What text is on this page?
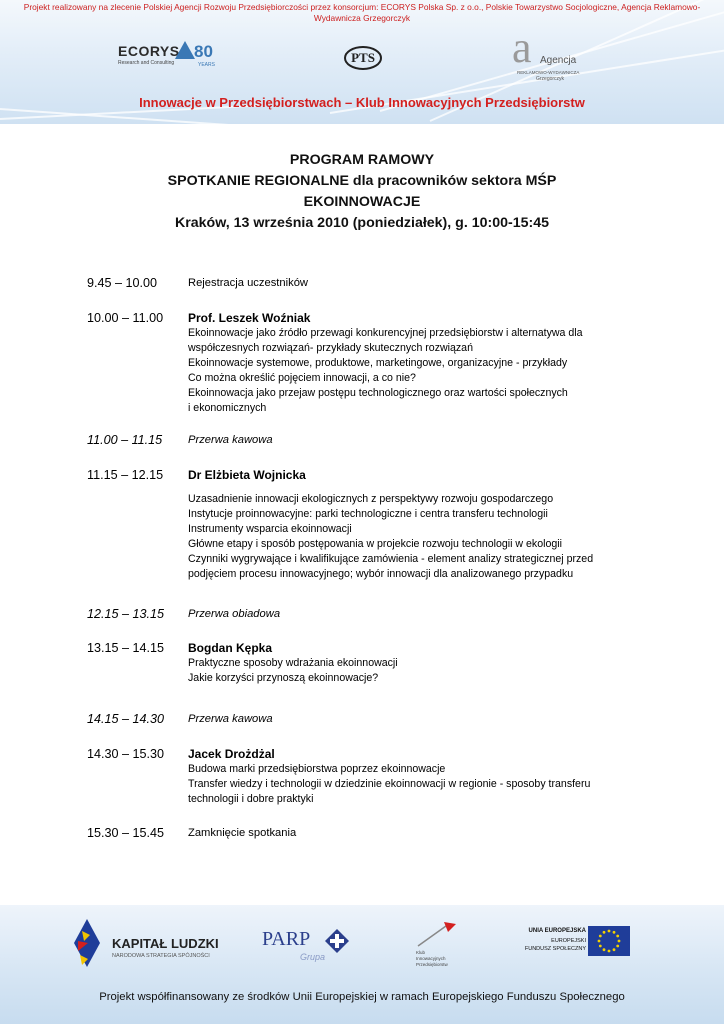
Projekt realizowany na zlecenie Polskiej Agencji Rozwoju Przedsiębiorczości przez konsorcjum: ECORYS Polska Sp. z o.o., Polskie Towarzystwo Socjologiczne, Agencja Reklamowo-Wydawnicza Grzegorczyk
ECORYS
Research and Consulting
80
YEARS	PTS	a Agencja
REKLAMOWO-WYDAWNICZA
Grzegorczyk
Innowacje w Przedsiębiorstwach – Klub Innowacyjnych Przedsiębiorstw
PROGRAM RAMOWY
SPOTKANIE REGIONALNE dla pracowników sektora MŚP
EKOINNOWACJE
Kraków, 13 września 2010 (poniedziałek), g. 10:00-15:45
9.45 – 10.00	Rejestracja uczestników
10.00 – 11.00	Prof. Leszek Woźniak
Ekoinnowacje jako źródło przewagi konkurencyjnej przedsiębiorstw i alternatywa dla
współczesnych rozwiązań- przykłady skutecznych rozwiązań
Ekoinnowacje systemowe, produktowe, marketingowe, organizacyjne - przykłady
Co można określić pojęciem innowacji, a co nie?
Ekoinnowacja jako przejaw postępu technologicznego oraz wartości społecznych
i ekonomicznych
11.00 – 11.15	Przerwa kawowa
11.15 – 12.15	Dr Elżbieta Wojnicka
Uzasadnienie innowacji ekologicznych z perspektywy rozwoju gospodarczego
Instytucje proinnowacyjne: parki technologiczne i centra transferu technologii
Instrumenty wsparcia ekoinnowacji
Główne etapy i sposób postępowania w projekcie rozwoju technologii w ekologii
Czynniki wygrywające i kwalifikujące zamówienia - element analizy strategicznej przed
podjęciem procesu innowacyjnego; wybór innowacji dla analizowanego przypadku
12.15 – 13.15	Przerwa obiadowa
13.15 – 14.15	Bogdan Kępka
Praktyczne sposoby wdrażania ekoinnowacji
Jakie korzyści przynoszą ekoinnowacje?
14.15 – 14.30	Przerwa kawowa
14.30 – 15.30	Jacek Drożdżal
Budowa marki przedsiębiorstwa poprzez ekoinnowacje
Transfer wiedzy i technologii w dziedzinie ekoinnowacji w regionie - sposoby transferu
technologii i dobre praktyki
15.30 – 15.45	Zamknięcie spotkania
KAPITAŁ LUDZKI
NARODOWA STRATEGIA SPÓJNOŚCI
PARP
Grupa	Klub
Innowacyjnych
Przedsiębiorstw
UNIA EUROPEJSKA
EUROPEJSKI
FUNDUSZ SPOŁECZNY
Projekt współfinansowany ze środków Unii Europejskiej w ramach Europejskiego Funduszu Społecznego
